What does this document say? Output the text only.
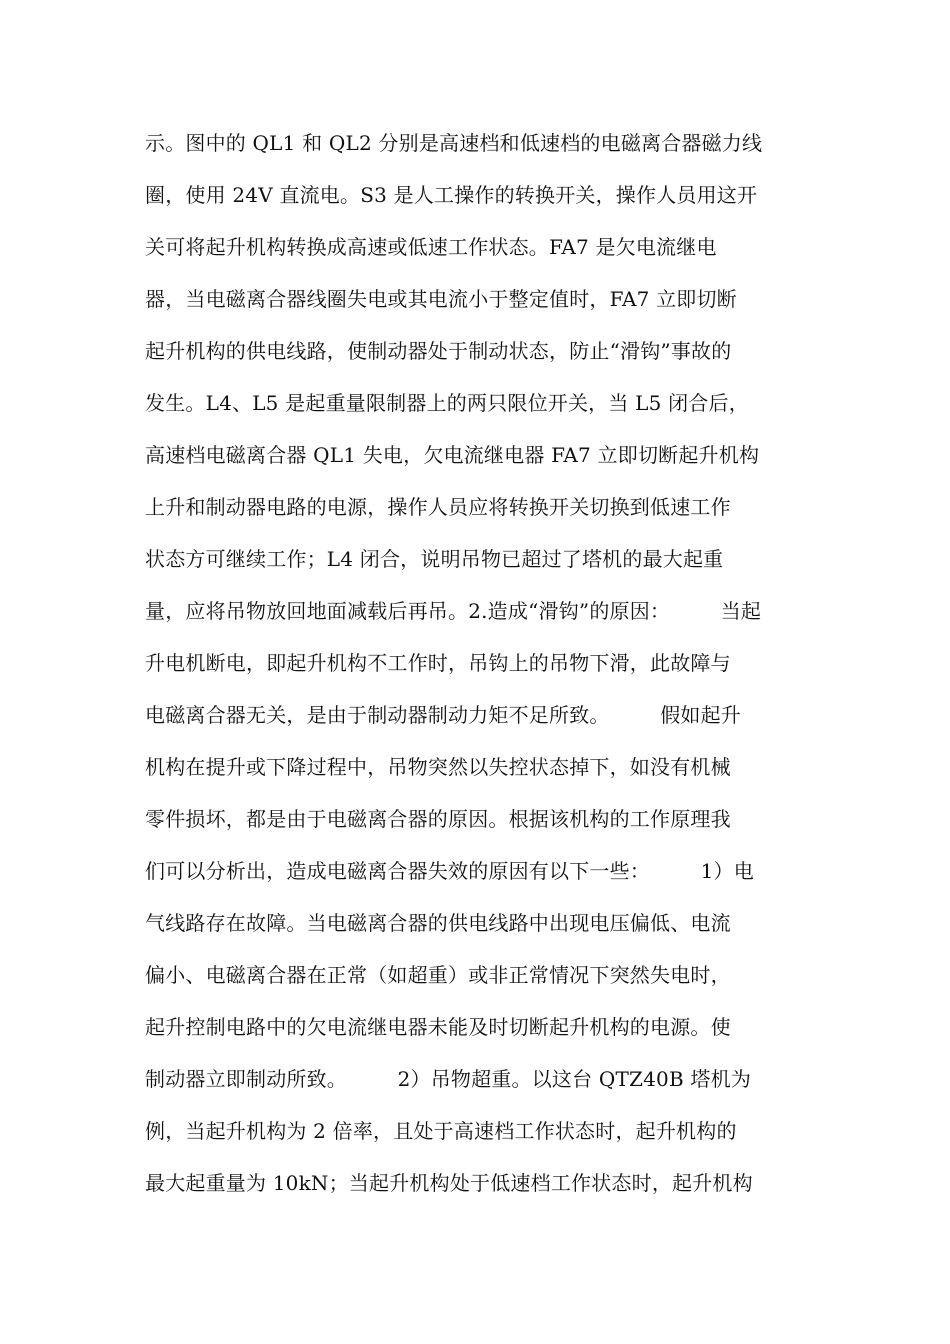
示。图中的 QL1 和 QL2 分别是高速档和低速档的电磁离合器磁力线
圈，使用 24V 直流电。S3 是人工操作的转换开关，操作人员用这开
关可将起升机构转换成高速或低速工作状态。FA7 是欠电流继电
器，当电磁离合器线圈失电或其电流小于整定值时，FA7 立即切断
起升机构的供电线路，使制动器处于制动状态，防止“滑钩”事故的
发生。L4、L5 是起重量限制器上的两只限位开关，当 L5 闭合后，
高速档电磁离合器 QL1 失电，欠电流继电器 FA7 立即切断起升机构
上升和制动器电路的电源，操作人员应将转换开关切换到低速工作
状态方可继续工作；L4 闭合，说明吊物已超过了塔机的最大起重
量，应将吊物放回地面减载后再吊。2.造成“滑钩”的原因：　　　当起
升电机断电，即起升机构不工作时，吊钩上的吊物下滑，此故障与
电磁离合器无关，是由于制动器制动力矩不足所致。　　　假如起升
机构在提升或下降过程中，吊物突然以失控状态掉下，如没有机械
零件损坏，都是由于电磁离合器的原因。根据该机构的工作原理我
们可以分析出，造成电磁离合器失效的原因有以下一些：　　　1）电
气线路存在故障。当电磁离合器的供电线路中出现电压偏低、电流
偏小、电磁离合器在正常（如超重）或非正常情况下突然失电时，
起升控制电路中的欠电流继电器未能及时切断起升机构的电源。使
制动器立即制动所致。　　　2）吊物超重。以这台 QTZ40B 塔机为
例，当起升机构为 2 倍率，且处于高速档工作状态时，起升机构的
最大起重量为 10kN；当起升机构处于低速档工作状态时，起升机构
